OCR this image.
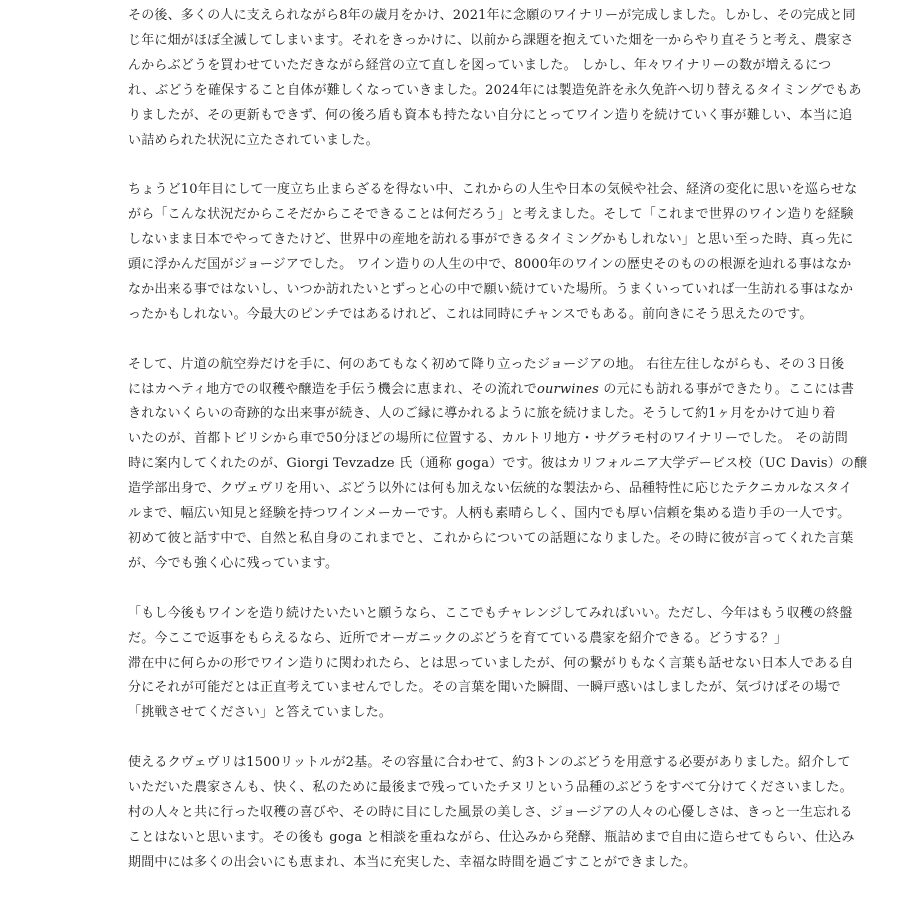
その後、多くの人に支えられながら8年の歳月をかけ、2021年に念願のワイナリーが完成しました。しかし、その完成と同
じ年に畑がほぼ全滅してしまいます。それをきっかけに、以前から課題を抱えていた畑を一からやり直そうと考え、農家さ
んからぶどうを買わせていただきながら経営の立て直しを図っていました。 しかし、年々ワイナリーの数が増えるにつ
れ、ぶどうを確保すること自体が難しくなっていきました。2024年には製造免許を永久免許へ切り替えるタイミングでもあ
りましたが、その更新もできず、何の後ろ盾も資本も持たない自分にとってワイン造りを続けていく事が難しい、本当に追
い詰められた状況に立たされていました。

ちょうど10年目にして一度立ち止まらざるを得ない中、これからの人生や日本の気候や社会、経済の変化に思いを巡らせな
がら「こんな状況だからこそだからこそできることは何だろう」と考えました。そして「これまで世界のワイン造りを経験
しないまま日本でやってきたけど、世界中の産地を訪れる事ができるタイミングかもしれない」と思い至った時、真っ先に
頭に浮かんだ国がジョージアでした。 ワイン造りの人生の中で、8000年のワインの歴史そのものの根源を辿れる事はなか
なか出来る事ではないし、いつか訪れたいとずっと心の中で願い続けていた場所。うまくいっていれば一生訪れる事はなか
ったかもしれない。今最大のピンチではあるけれど、これは同時にチャンスでもある。前向きにそう思えたのです。

そして、片道の航空券だけを手に、何のあてもなく初めて降り立ったジョージアの地。 右往左往しながらも、その３日後
にはカヘティ地方での収穫や醸造を手伝う機会に恵まれ、その流れでourwines の元にも訪れる事ができたり。ここには書
きれないくらいの奇跡的な出来事が続き、人のご縁に導かれるように旅を続けました。そうして約1ヶ月をかけて辿り着
いたのが、首都トビリシから車で50分ほどの場所に位置する、カルトリ地方・サグラモ村のワイナリーでした。 その訪問
時に案内してくれたのが、Giorgi Tevzadze 氏（通称 goga）です。彼はカリフォルニア大学デービス校（UC Davis）の醸
造学部出身で、クヴェヴリを用い、ぶどう以外には何も加えない伝統的な製法から、品種特性に応じたテクニカルなスタイ
ルまで、幅広い知見と経験を持つワインメーカーです。人柄も素晴らしく、国内でも厚い信頼を集める造り手の一人です。
初めて彼と話す中で、自然と私自身のこれまでと、これからについての話題になりました。その時に彼が言ってくれた言葉
が、今でも強く心に残っています。

「もし今後もワインを造り続けたいたいと願うなら、ここでもチャレンジしてみればいい。ただし、今年はもう収穫の終盤
だ。今ここで返事をもらえるなら、近所でオーガニックのぶどうを育てている農家を紹介できる。どうする？」
滞在中に何らかの形でワイン造りに関われたら、とは思っていましたが、何の繋がりもなく言葉も話せない日本人である自
分にそれが可能だとは正直考えていませんでした。その言葉を聞いた瞬間、一瞬戸惑いはしましたが、気づけばその場で
「挑戦させてください」と答えていました。

使えるクヴェヴリは1500リットルが2基。その容量に合わせて、約3トンのぶどうを用意する必要がありました。紹介して
いただいた農家さんも、快く、私のために最後まで残っていたチヌリという品種のぶどうをすべて分けてくださいました。
村の人々と共に行った収穫の喜びや、その時に目にした風景の美しさ、ジョージアの人々の心優しさは、きっと一生忘れる
ことはないと思います。その後も goga と相談を重ねながら、仕込みから発酵、瓶詰めまで自由に造らせてもらい、仕込み
期間中には多くの出会いにも恵まれ、本当に充実した、幸福な時間を過ごすことができました。
